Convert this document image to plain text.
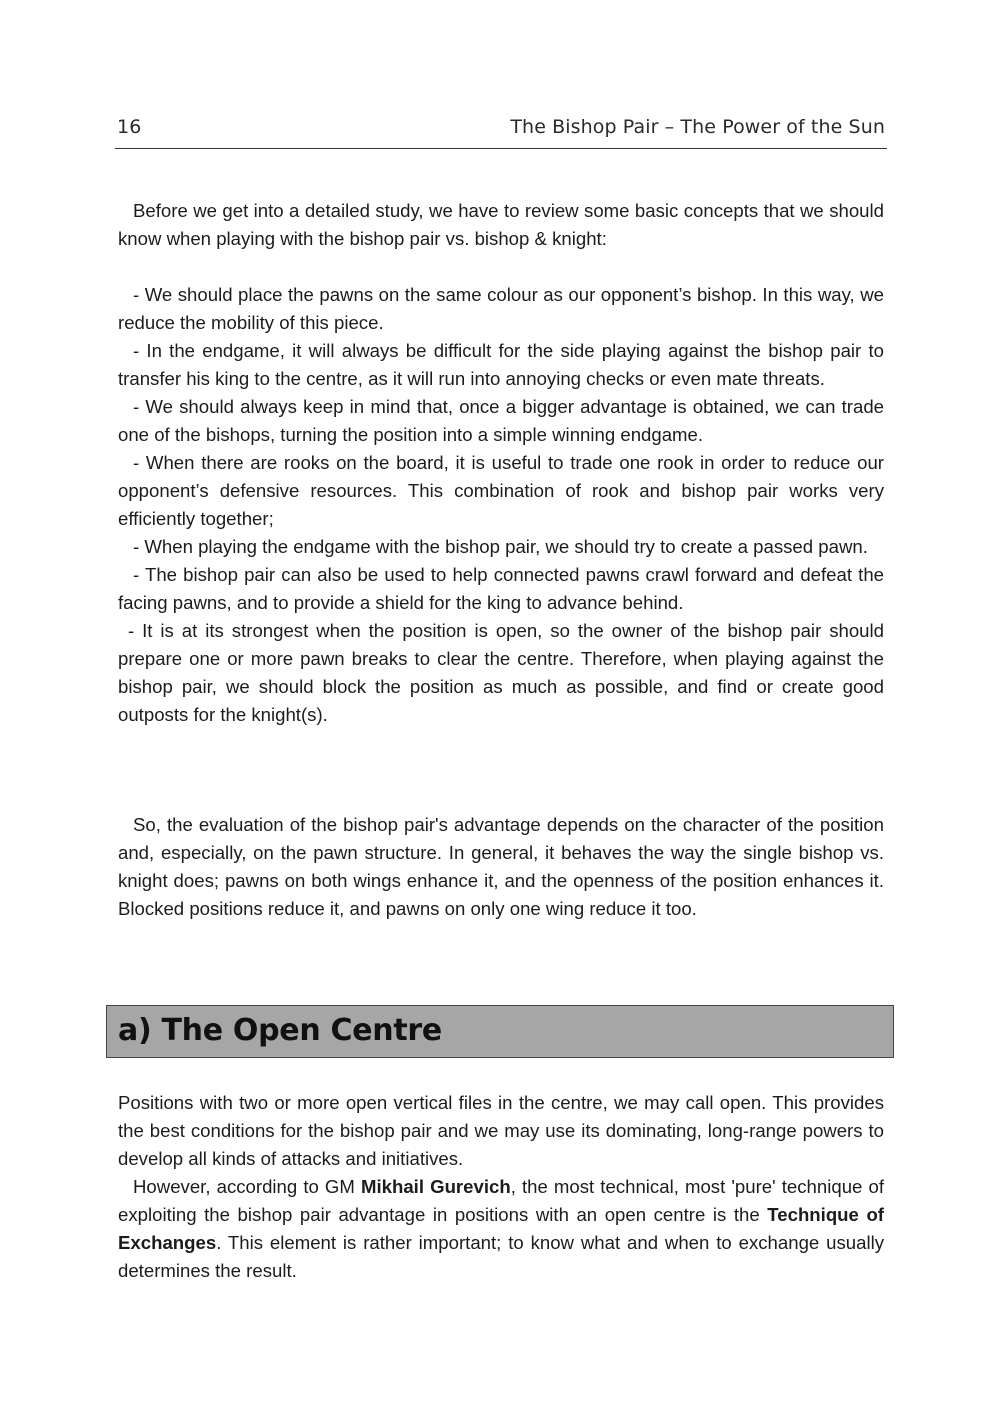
16	The Bishop Pair – The Power of the Sun

Before we get into a detailed study, we have to review some basic concepts that we should know when playing with the bishop pair vs. bishop & knight:

- We should place the pawns on the same colour as our opponent’s bishop. In this way, we reduce the mobility of this piece.

- In the endgame, it will always be difficult for the side playing against the bishop pair to transfer his king to the centre, as it will run into annoying checks or even mate threats.

- We should always keep in mind that, once a bigger advantage is obtained, we can trade one of the bishops, turning the position into a simple winning endgame.

- When there are rooks on the board, it is useful to trade one rook in order to reduce our opponent’s defensive resources. This combination of rook and bishop pair works very efficiently together;

- When playing the endgame with the bishop pair, we should try to create a passed pawn.

- The bishop pair can also be used to help connected pawns crawl forward and defeat the facing pawns, and to provide a shield for the king to advance behind.

- It is at its strongest when the position is open, so the owner of the bishop pair should prepare one or more pawn breaks to clear the centre. Therefore, when playing against the bishop pair, we should block the position as much as possible, and find or create good outposts for the knight(s).

So, the evaluation of the bishop pair's advantage depends on the character of the position and, especially, on the pawn structure. In general, it behaves the way the single bishop vs. knight does; pawns on both wings enhance it, and the openness of the position enhances it. Blocked positions reduce it, and pawns on only one wing reduce it too.

a) The Open Centre

Positions with two or more open vertical files in the centre, we may call open. This provides the best conditions for the bishop pair and we may use its dominating, long-range powers to develop all kinds of attacks and initiatives.

However, according to GM Mikhail Gurevich, the most technical, most 'pure' technique of exploiting the bishop pair advantage in positions with an open centre is the Technique of Exchanges. This element is rather important; to know what and when to exchange usually determines the result.
